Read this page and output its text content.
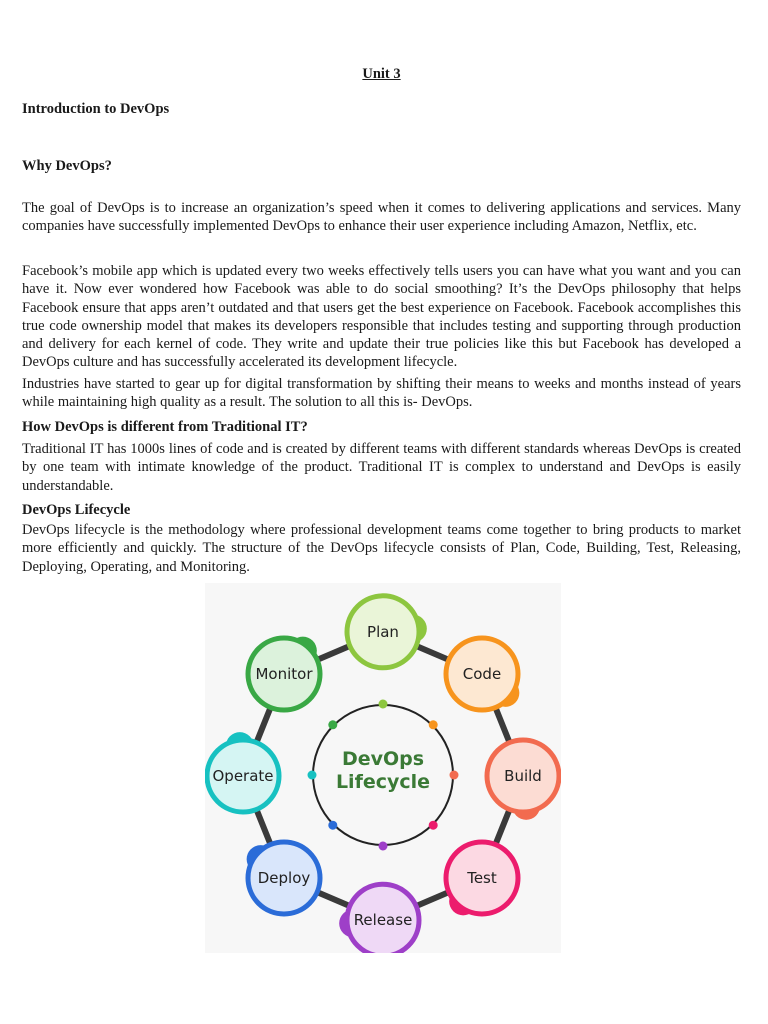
Unit 3
Introduction to DevOps
Why DevOps?

The goal of DevOps is to increase an organization’s speed when it comes to delivering applications and services. Many companies have successfully implemented DevOps to enhance their user experience including Amazon, Netflix, etc.

Facebook’s mobile app which is updated every two weeks effectively tells users you can have what you want and you can have it. Now ever wondered how Facebook was able to do social smoothing? It’s the DevOps philosophy that helps Facebook ensure that apps aren’t outdated and that users get the best experience on Facebook. Facebook accomplishes this true code ownership model that makes its developers responsible that includes testing and supporting through production and delivery for each kernel of code. They write and update their true policies like this but Facebook has developed a DevOps culture and has successfully accelerated its development lifecycle.

Industries have started to gear up for digital transformation by shifting their means to weeks and months instead of years while maintaining high quality as a result. The solution to all this is- DevOps.

How DevOps is different from Traditional IT?

Traditional IT has 1000s lines of code and is created by different teams with different standards whereas DevOps is created by one team with intimate knowledge of the product. Traditional IT is complex to understand and DevOps is easily understandable.

DevOps Lifecycle

DevOps lifecycle is the methodology where professional development teams come together to bring products to market more efficiently and quickly. The structure of the DevOps lifecycle consists of Plan, Code, Building, Test, Releasing, Deploying, Operating, and Monitoring.

Plan
Code
Build
Test
Release
Deploy
Operate
Monitor
DevOps
Lifecycle
